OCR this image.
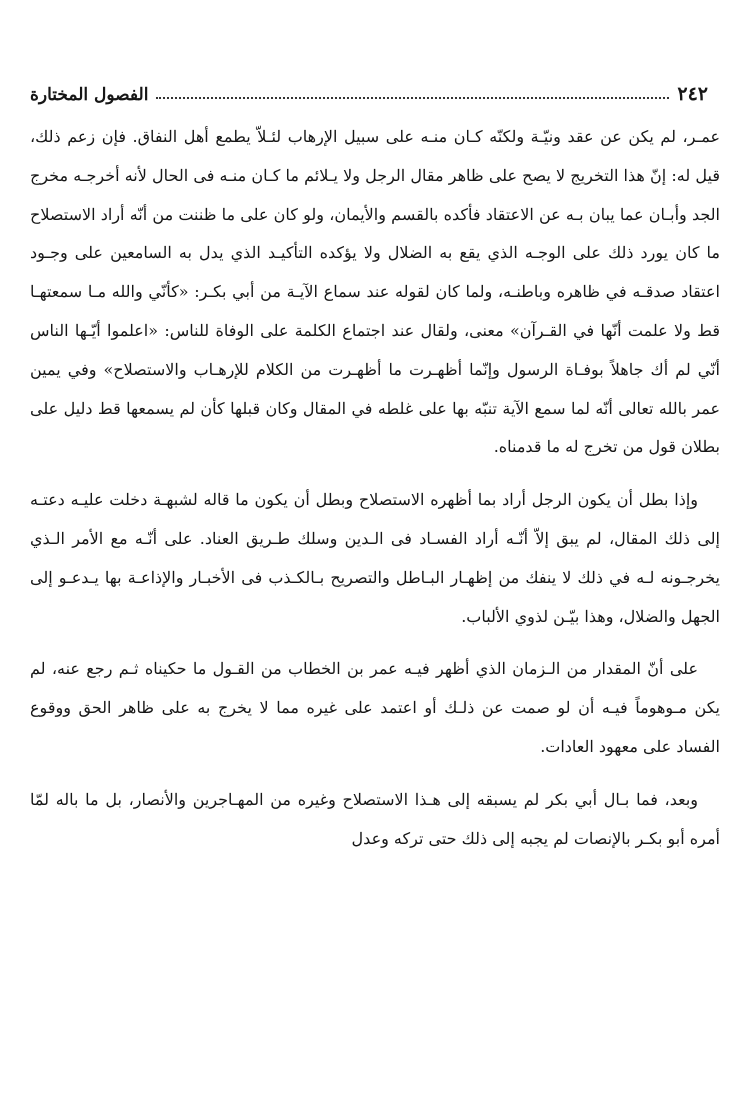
٢٤٢
الفصول المختارة

عمـر، لم يكن عن عقد ونيّـة ولكنّه كـان منـه على سبيل الإرهاب لئـلاّ يطمع أهل النفاق. فإن زعم ذلك، قيل له: إنّ هذا التخريج لا يصح على ظاهر مقال الرجل ولا يـلائم ما كـان منـه فى الحال لأنه أخرجـه مخرج الجد وأبـان عما يبان بـه عن الاعتقاد فأكده بالقسم والأيمان، ولو كان على ما ظننت من أنّه أراد الاستصلاح ما كان يورد ذلك على الوجـه الذي يقع به الضلال ولا يؤكده التأكيـد الذي يدل به السامعين على وجـود اعتقاد صدقـه في ظاهره وباطنـه، ولما كان لقوله عند سماع الآيـة من أبي بكـر: «كأنّي والله مـا سمعتهـا قط ولا علمت أنّها في القـرآن» معنى، ولقال عند اجتماع الكلمة على الوفاة للناس: «اعلموا أيّـها الناس أنّي لم أك جاهلاً بوفـاة الرسول وإنّما أظهـرت ما أظهـرت من الكلام للإرهـاب والاستصلاح» وفي يمين عمر بالله تعالى أنّه لما سمع الآية تنبّه بها على غلطه في المقال وكان قبلها كأن لم يسمعها قط دليل على بطلان قول من تخرج له ما قدمناه.

وإذا بطل أن يكون الرجل أراد بما أظهره الاستصلاح وبطل أن يكون ما قاله لشبهـة دخلت عليـه دعتـه إلى ذلك المقال، لم يبق إلاّ أنّـه أراد الفسـاد فى الـدين وسلك طـريق العناد. على أنّـه مع الأمر الـذي يخرجـونه لـه في ذلك لا ينفك من إظهـار البـاطل والتصريح بـالكـذب فى الأخبـار والإذاعـة بها يـدعـو إلى الجهل والضلال، وهذا بيّـن لذوي الألباب.

على أنّ المقدار من الـزمان الذي أظهر فيـه عمر بن الخطاب من القـول ما حكيناه ثـم رجع عنه، لم يكن مـوهوماً فيـه أن لو صمت عن ذلـك أو اعتمد على غيره مما لا يخرج به على ظاهر الحق ووقوع الفساد على معهود العادات.

وبعد، فما بـال أبي بكر لم يسبقه إلى هـذا الاستصلاح وغيره من المهـاجرين والأنصار، بل ما باله لمّا أمره أبو بكـر بالإنصات لم يجبه إلى ذلك حتى تركه وعدل
